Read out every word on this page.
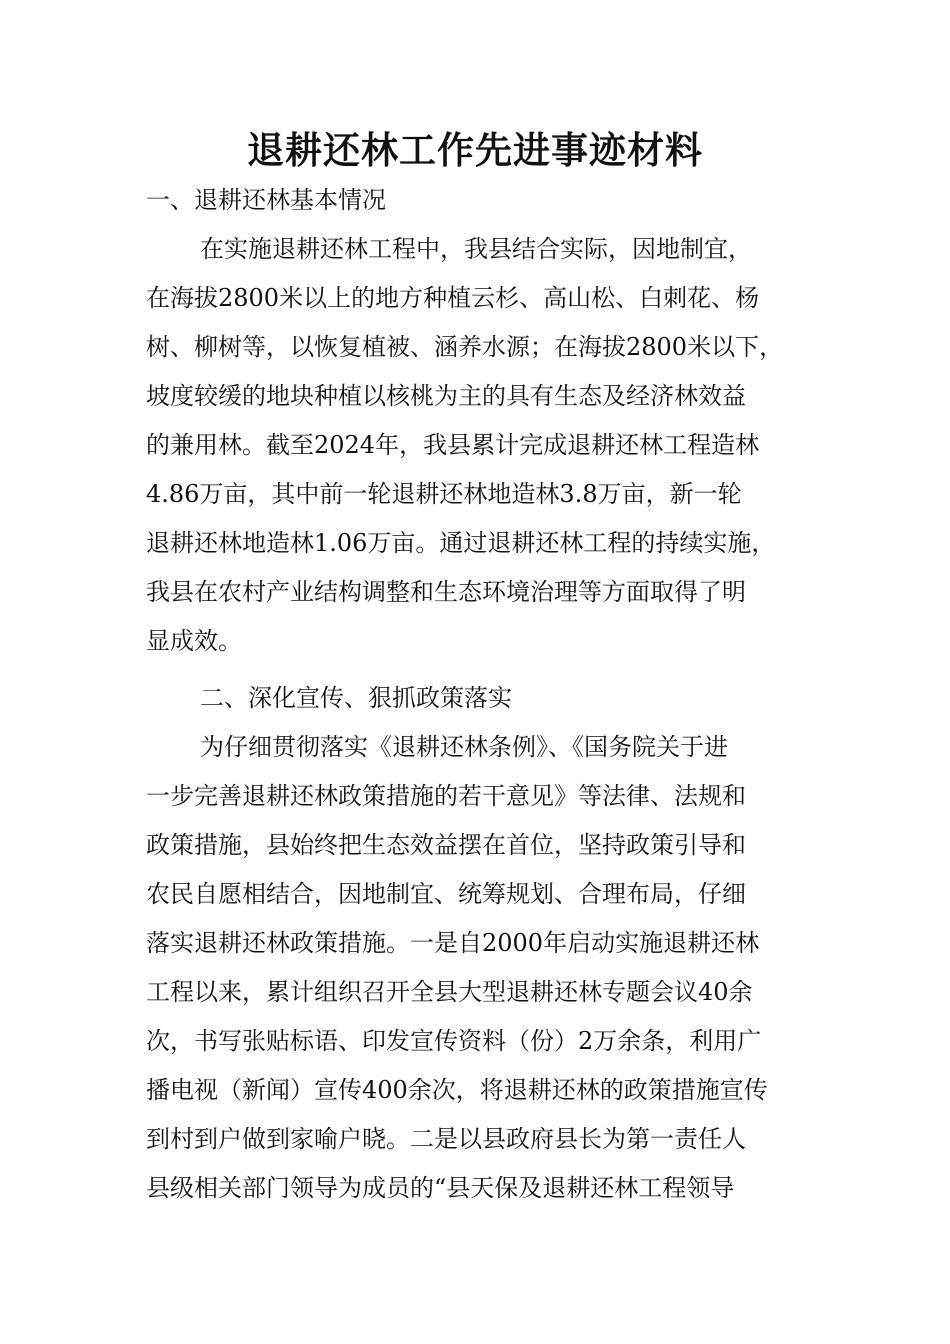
退耕还林工作先进事迹材料

一、退耕还林基本情况

在实施退耕还林工程中，我县结合实际，因地制宜，
在海拔2800米以上的地方种植云杉、高山松、白刺花、杨
树、柳树等，以恢复植被、涵养水源；在海拔2800米以下，
坡度较缓的地块种植以核桃为主的具有生态及经济林效益
的兼用林。截至2024年，我县累计完成退耕还林工程造林
4.86万亩，其中前一轮退耕还林地造林3.8万亩，新一轮
退耕还林地造林1.06万亩。通过退耕还林工程的持续实施，
我县在农村产业结构调整和生态环境治理等方面取得了明
显成效。

二、深化宣传、狠抓政策落实

为仔细贯彻落实《退耕还林条例》、《国务院关于进
一步完善退耕还林政策措施的若干意见》等法律、法规和
政策措施，县始终把生态效益摆在首位，坚持政策引导和
农民自愿相结合，因地制宜、统筹规划、合理布局，仔细
落实退耕还林政策措施。一是自2000年启动实施退耕还林
工程以来，累计组织召开全县大型退耕还林专题会议40余
次，书写张贴标语、印发宣传资料（份）2万余条，利用广
播电视（新闻）宣传400余次，将退耕还林的政策措施宣传
到村到户做到家喻户晓。二是以县政府县长为第一责任人
县级相关部门领导为成员的“县天保及退耕还林工程领导
